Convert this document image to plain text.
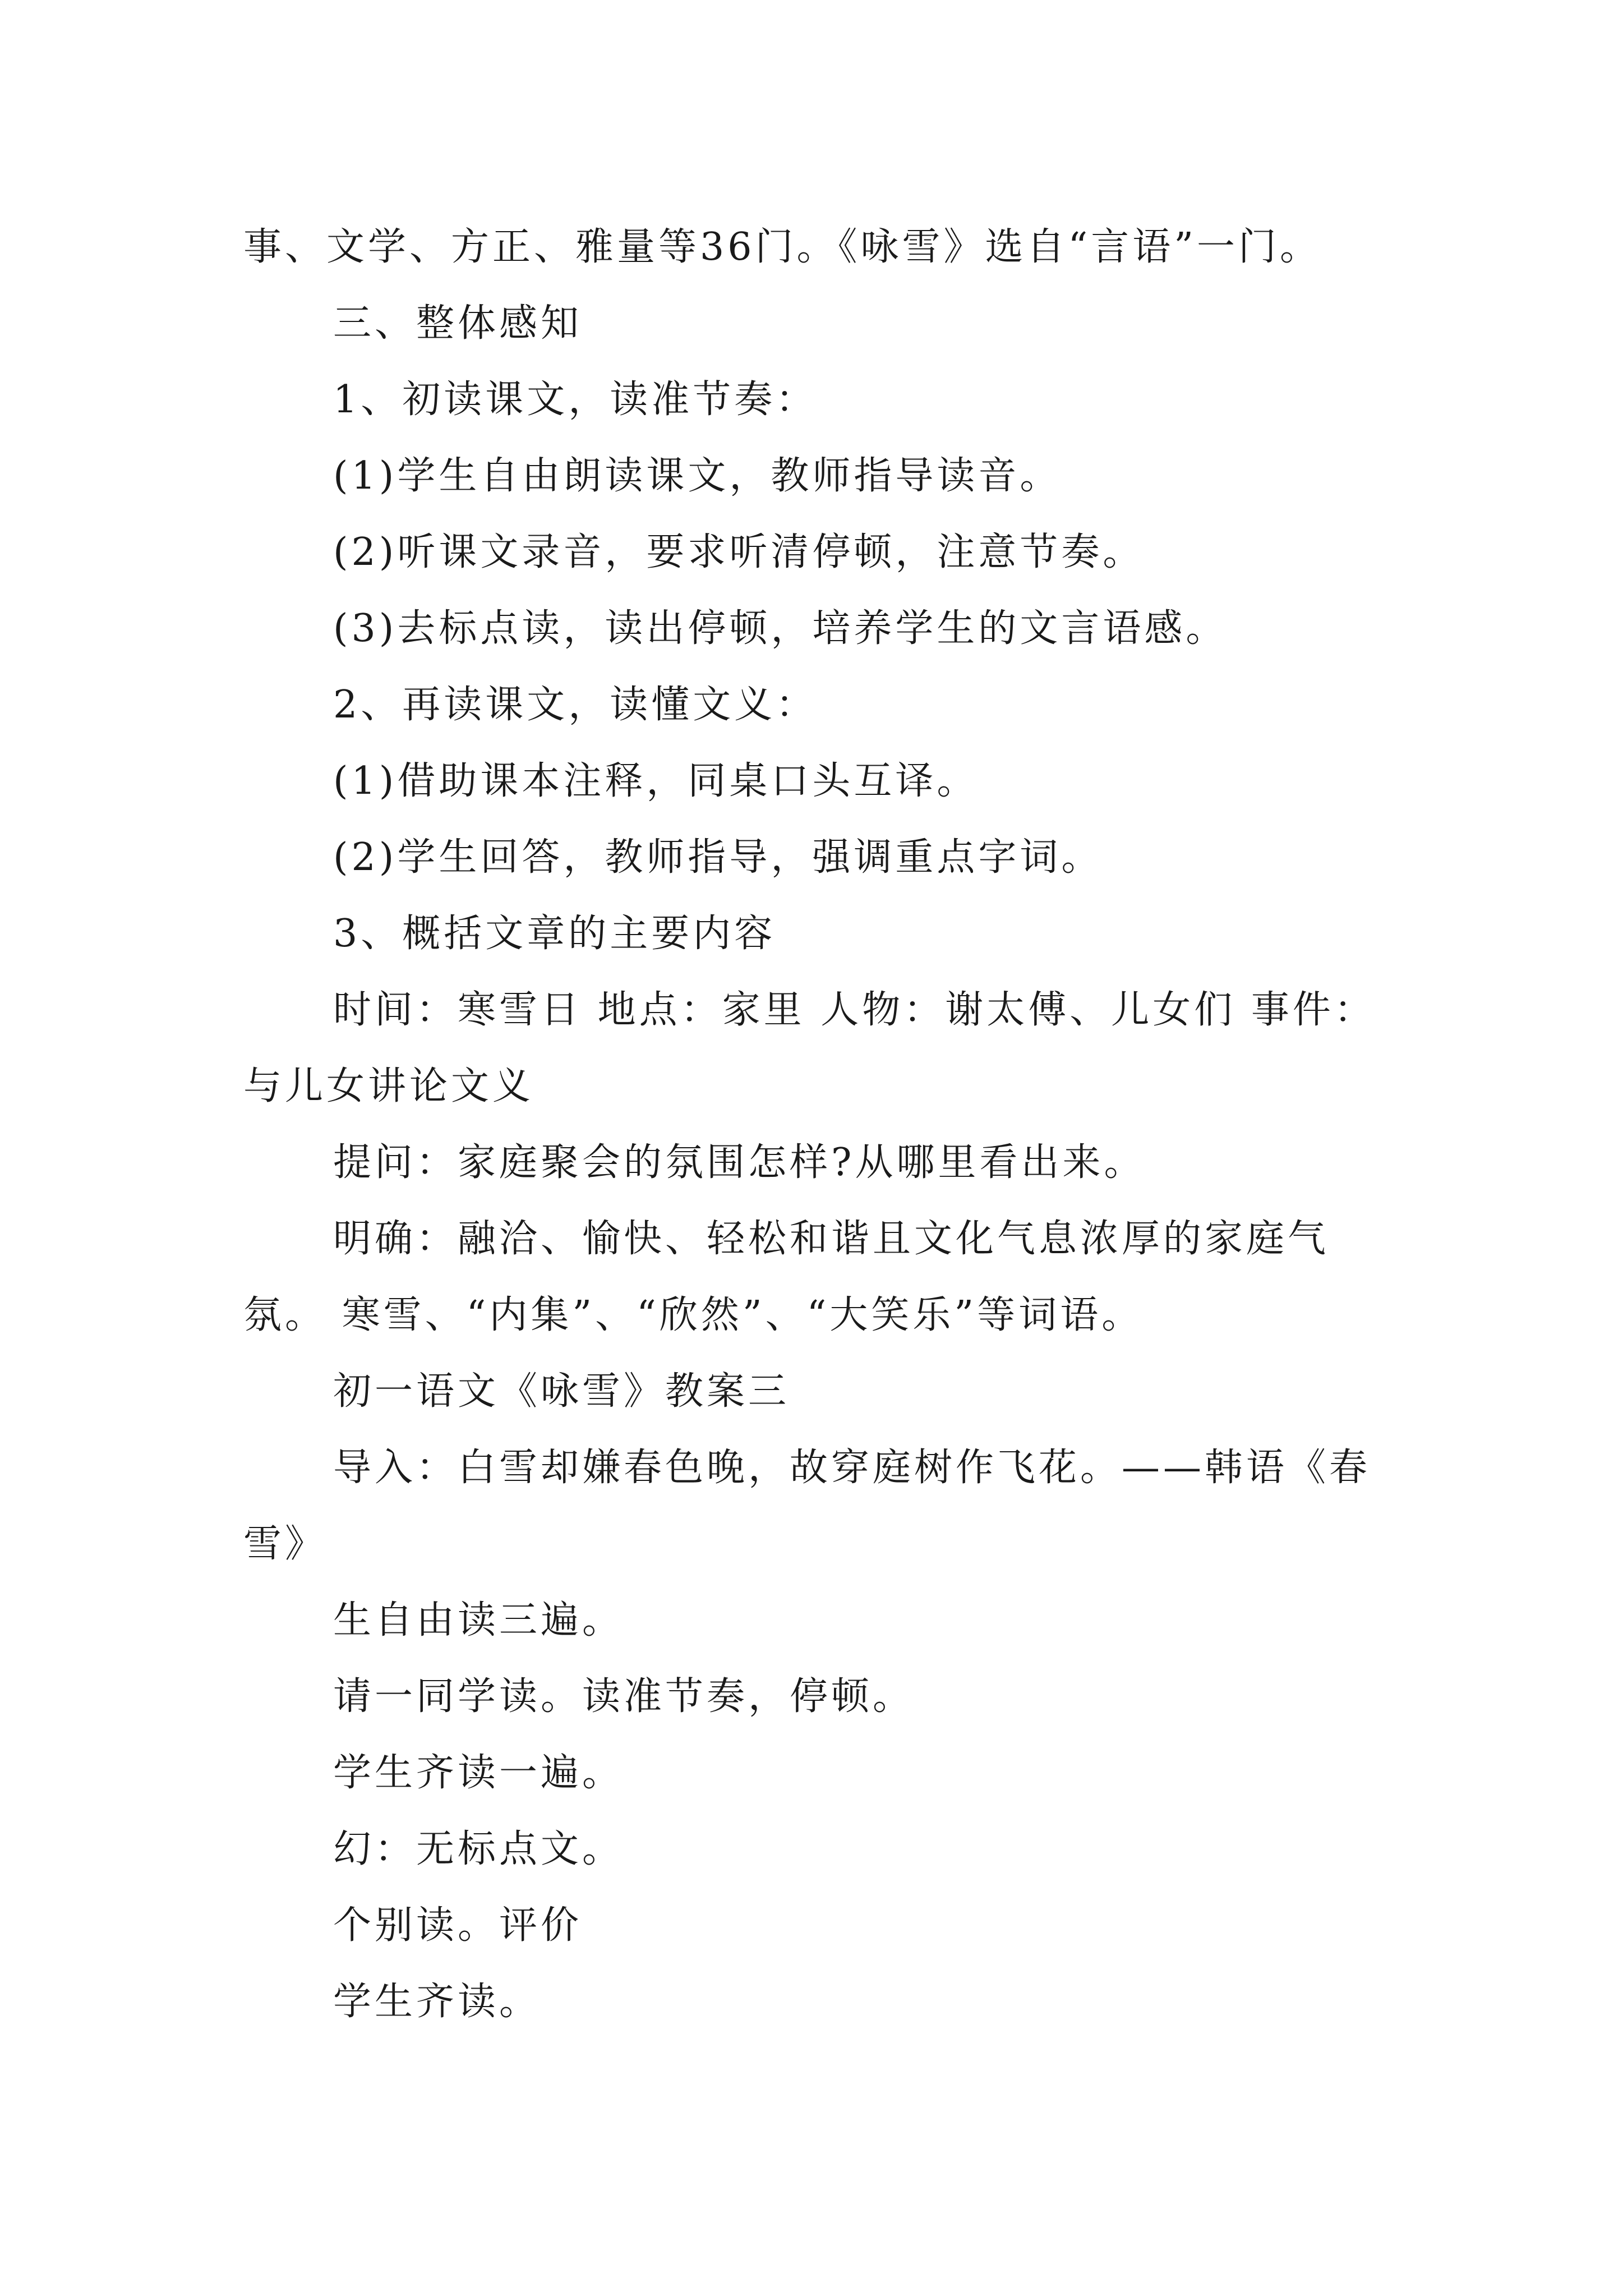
事、文学、方正、雅量等36门。《咏雪》选自“言语”一门。

三、整体感知

1、初读课文，读准节奏：

(1)学生自由朗读课文，教师指导读音。

(2)听课文录音，要求听清停顿，注意节奏。

(3)去标点读，读出停顿，培养学生的文言语感。

2、再读课文，读懂文义：

(1)借助课本注释，同桌口头互译。

(2)学生回答，教师指导，强调重点字词。

3、概括文章的主要内容

时间：寒雪日 地点：家里 人物：谢太傅、儿女们 事件：与儿女讲论文义

提问：家庭聚会的氛围怎样?从哪里看出来。

明确：融洽、愉快、轻松和谐且文化气息浓厚的家庭气氛。 寒雪、“内集”、“欣然”、“大笑乐”等词语。

初一语文《咏雪》教案三

导入：白雪却嫌春色晚，故穿庭树作飞花。——韩语《春雪》

生自由读三遍。

请一同学读。读准节奏，停顿。

学生齐读一遍。

幻：无标点文。

个别读。评价

学生齐读。
